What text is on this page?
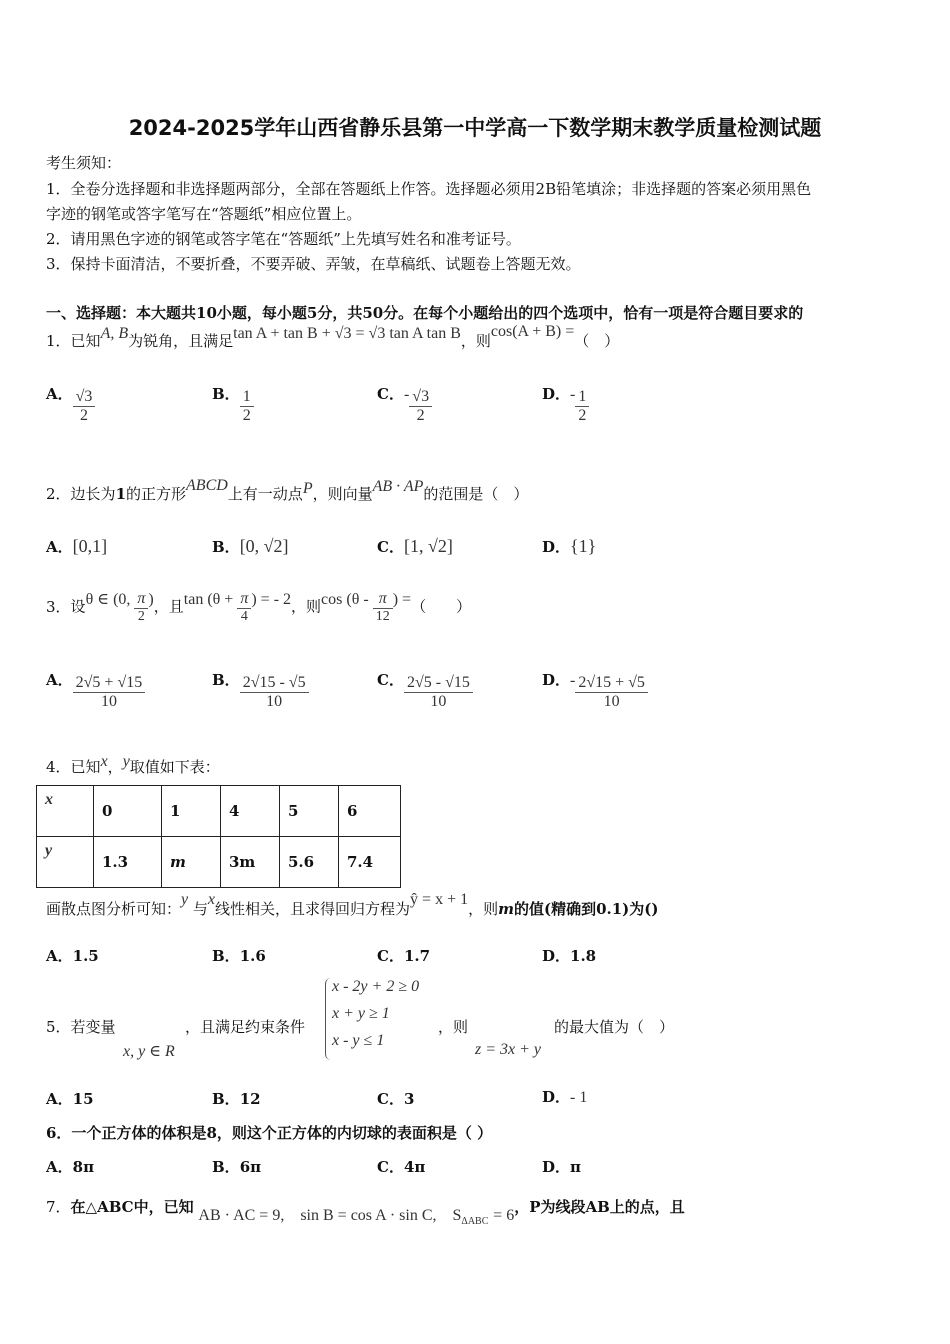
2024-2025学年山西省静乐县第一中学高一下数学期末教学质量检测试题
考生须知：
1．全卷分选择题和非选择题两部分，全部在答题纸上作答。选择题必须用2B铅笔填涂；非选择题的答案必须用黑色
字迹的钢笔或答字笔写在“答题纸”相应位置上。
2．请用黑色字迹的钢笔或答字笔在“答题纸”上先填写姓名和准考证号。
3．保持卡面清洁，不要折叠，不要弄破、弄皱，在草稿纸、试题卷上答题无效。
一、选择题：本大题共10小题，每小题5分，共50分。在每个小题给出的四个选项中，恰有一项是符合题目要求的
1．已知A, B为锐角，且满足tan A + tan B + √3 = √3 tan A tan B，则cos(A + B) =（　）
A． $\frac{√3}{2}$	B． $\frac{1}{2}$	C．- $\frac{√3}{2}$	D．- $\frac{1}{2}$
2．边长为1的正方形ABCD上有一动点P，则向量AB · AP的范围是（　）
A．[0,1]	B．[0, √2]	C．[1, √2]	D．{1}
3．设θ ∈ (0, $\frac{\pi}{2}$ )，且$\tan (\theta + \frac{\pi}{4}$ ) = - 2，则$\cos (\theta - \frac{\pi}{12}$ ) =（　　）
A． $\frac{2√5 + √15}{10}$	B． $\frac{2√15 - √5}{10}$	C． $\frac{2√5 - √15}{10}$	D．- $\frac{2√15 + √5}{10}$
4．已知x，y取值如下表：
x	0	1	4	5	6
y	1.3	m	3m	5.6	7.4
画散点图分析可知：y 与x线性相关，且求得回归方程为ŷ = x + 1，则m的值(精确到0.1)为()
A．1.5	B．1.6	C．1.7	D．1.8
5．若变量
x, y ∈ R
，且满足约束条件
x - 2y + 2 ≥ 0
x + y ≥ 1
x - y ≤ 1
，则
z = 3x + y
的最大值为（　）
A．15	B．12	C．3	D．- 1
6．一个正方体的体积是8，则这个正方体的内切球的表面积是（ ）
A．8π	B．6π	C．4π	D．π
7．在△ABC中，已知 AB · AC = 9,　sin B = cos A · sin C,　$S_{\Delta ABC} = 6$，P为线段AB上的点，且
